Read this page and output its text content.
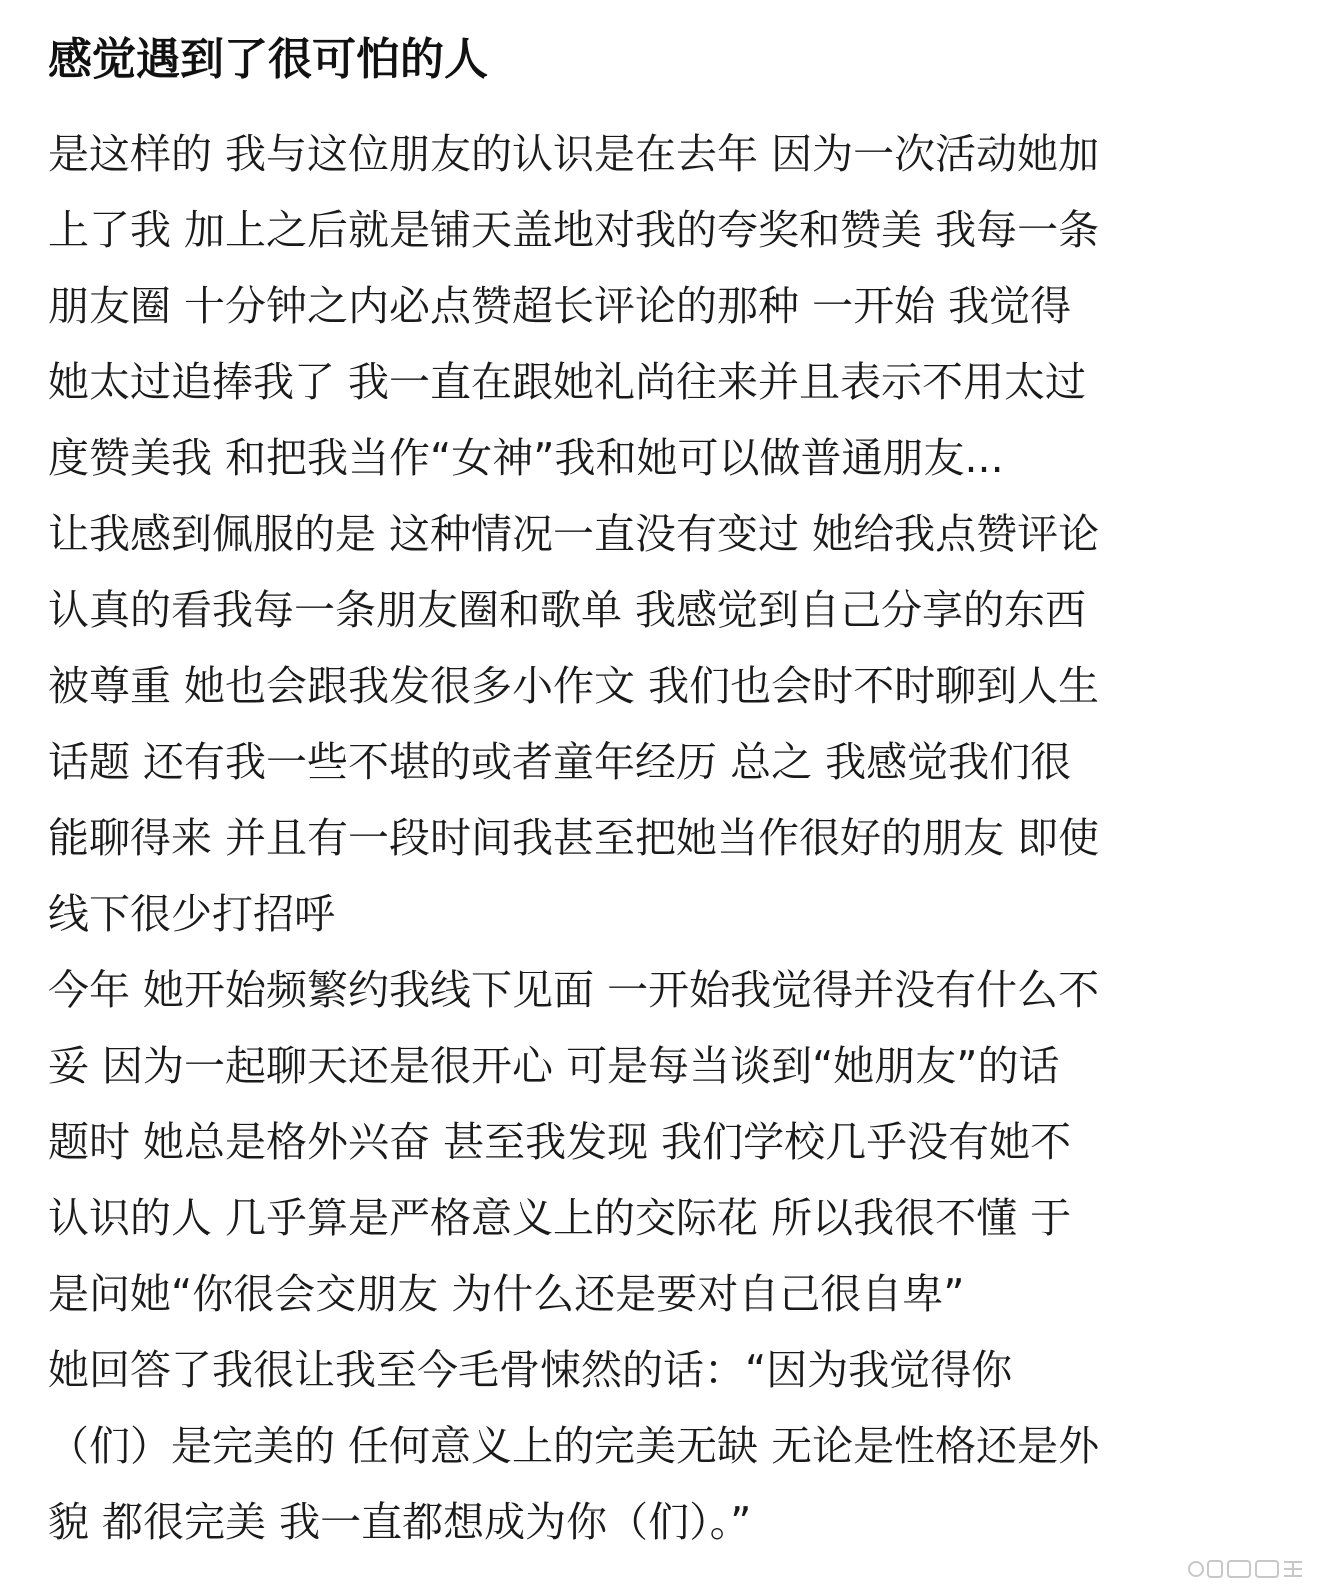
感觉遇到了很可怕的人
是这样的 我与这位朋友的认识是在去年 因为一次活动她加
上了我 加上之后就是铺天盖地对我的夸奖和赞美 我每一条
朋友圈 十分钟之内必点赞超长评论的那种 一开始 我觉得
她太过追捧我了 我一直在跟她礼尚往来并且表示不用太过
度赞美我 和把我当作“女神”我和她可以做普通朋友...
让我感到佩服的是 这种情况一直没有变过 她给我点赞评论
认真的看我每一条朋友圈和歌单 我感觉到自己分享的东西
被尊重 她也会跟我发很多小作文 我们也会时不时聊到人生
话题 还有我一些不堪的或者童年经历 总之 我感觉我们很
能聊得来 并且有一段时间我甚至把她当作很好的朋友 即使
线下很少打招呼
今年 她开始频繁约我线下见面 一开始我觉得并没有什么不
妥 因为一起聊天还是很开心 可是每当谈到“她朋友”的话
题时 她总是格外兴奋 甚至我发现 我们学校几乎没有她不
认识的人 几乎算是严格意义上的交际花 所以我很不懂 于
是问她“你很会交朋友 为什么还是要对自己很自卑”
她回答了我很让我至今毛骨悚然的话：“因为我觉得你
（们）是完美的 任何意义上的完美无缺 无论是性格还是外
貌 都很完美 我一直都想成为你（们）。”
